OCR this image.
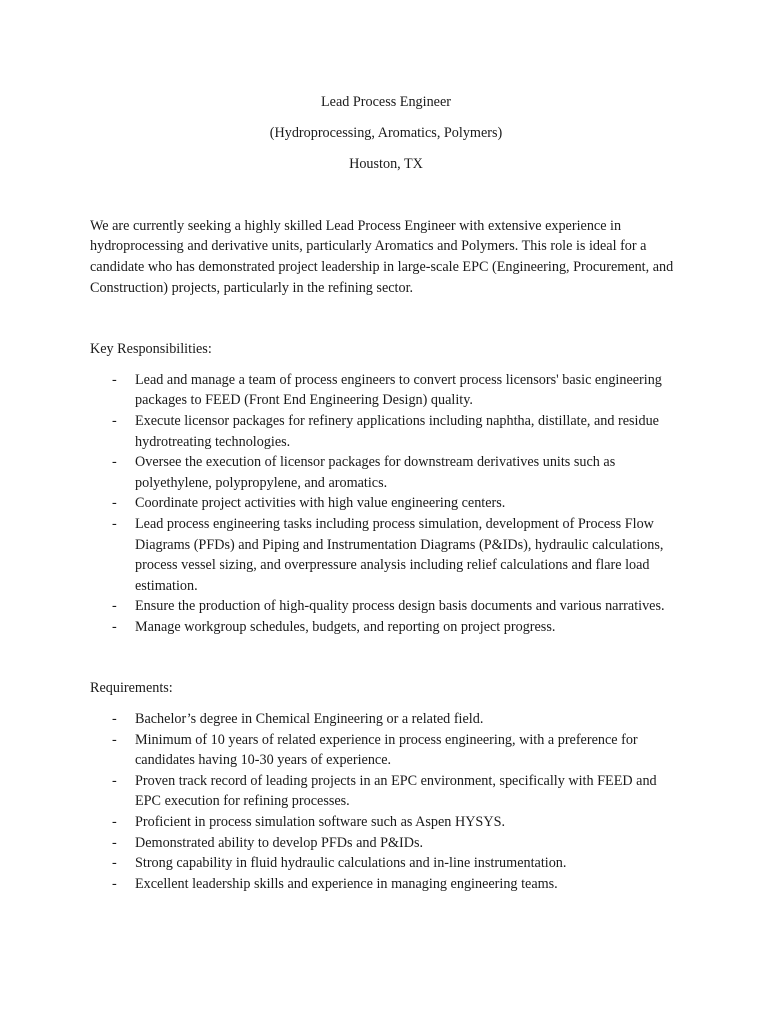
Lead Process Engineer

(Hydroprocessing, Aromatics, Polymers)

Houston, TX

We are currently seeking a highly skilled Lead Process Engineer with extensive experience in hydroprocessing and derivative units, particularly Aromatics and Polymers. This role is ideal for a candidate who has demonstrated project leadership in large-scale EPC (Engineering, Procurement, and Construction) projects, particularly in the refining sector.

Key Responsibilities:

- Lead and manage a team of process engineers to convert process licensors' basic engineering packages to FEED (Front End Engineering Design) quality.
- Execute licensor packages for refinery applications including naphtha, distillate, and residue hydrotreating technologies.
- Oversee the execution of licensor packages for downstream derivatives units such as polyethylene, polypropylene, and aromatics.
- Coordinate project activities with high value engineering centers.
- Lead process engineering tasks including process simulation, development of Process Flow Diagrams (PFDs) and Piping and Instrumentation Diagrams (P&IDs), hydraulic calculations, process vessel sizing, and overpressure analysis including relief calculations and flare load estimation.
- Ensure the production of high-quality process design basis documents and various narratives.
- Manage workgroup schedules, budgets, and reporting on project progress.

Requirements:

- Bachelor’s degree in Chemical Engineering or a related field.
- Minimum of 10 years of related experience in process engineering, with a preference for candidates having 10-30 years of experience.
- Proven track record of leading projects in an EPC environment, specifically with FEED and EPC execution for refining processes.
- Proficient in process simulation software such as Aspen HYSYS.
- Demonstrated ability to develop PFDs and P&IDs.
- Strong capability in fluid hydraulic calculations and in-line instrumentation.
- Excellent leadership skills and experience in managing engineering teams.
